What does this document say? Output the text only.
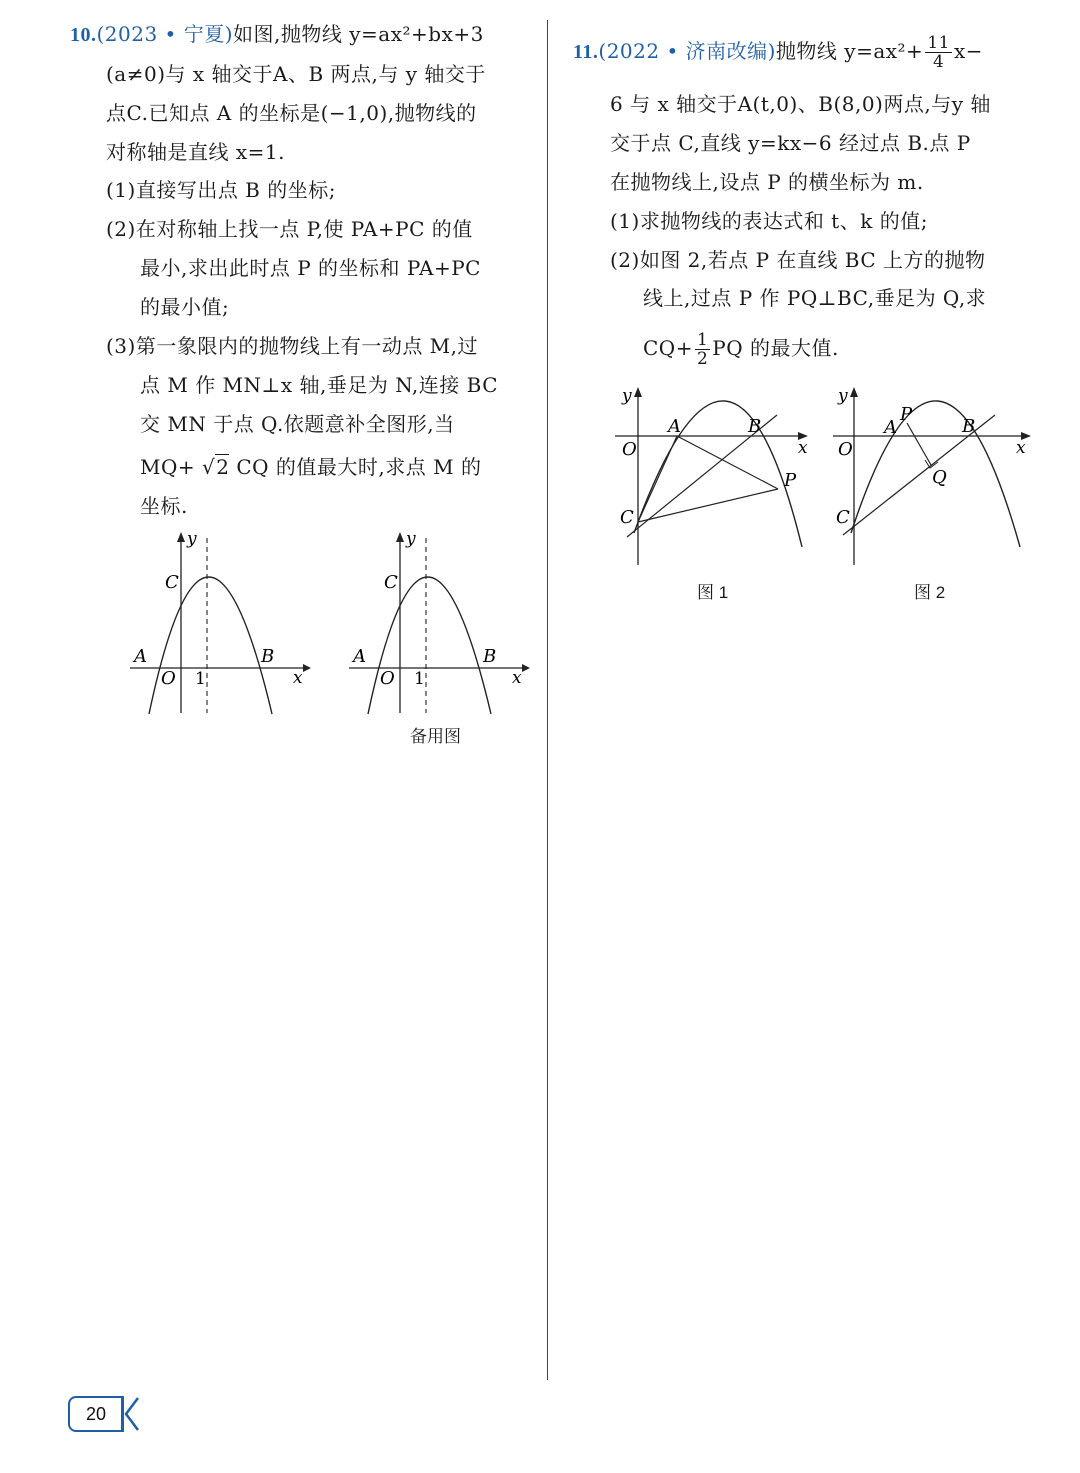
10.(2023 • 宁夏)如图,抛物线 y=ax²+bx+3
(a≠0)与 x 轴交于A、B 两点,与 y 轴交于
点C.已知点 A 的坐标是(−1,0),抛物线的
对称轴是直线 x=1.
(1)直接写出点 B 的坐标;
(2)在对称轴上找一点 P,使 PA+PC 的值
最小,求出此时点 P 的坐标和 PA+PC
的最小值;
(3)第一象限内的抛物线上有一动点 M,过
点 M 作 MN⊥x 轴,垂足为 N,连接 BC
交 MN 于点 Q.依题意补全图形,当
MQ+ √2 CQ 的值最大时,求点 M 的
坐标.
y
x
C
A	B
O 1
y
x
C
A	B
O 1
备用图
11.(2022 • 济南改编)抛物线 $y=ax^2+ \frac{11}{4} x-$
6 与 x 轴交于A(t,0)、B(8,0)两点,与y 轴
交于点 C,直线 y=kx−6 经过点 B.点 P
在抛物线上,设点 P 的横坐标为 m.
(1)求抛物线的表达式和 t、k 的值;
(2)如图 2,若点 P 在直线 BC 上方的抛物
线上,过点 P 作 PQ⊥BC,垂足为 Q,求
$CQ+ \frac{1}{2}$ PQ 的最大值.
y
x
O
A	B
C
P
图 1
y
x
O
A
P
B
Q
C
图 2
20
